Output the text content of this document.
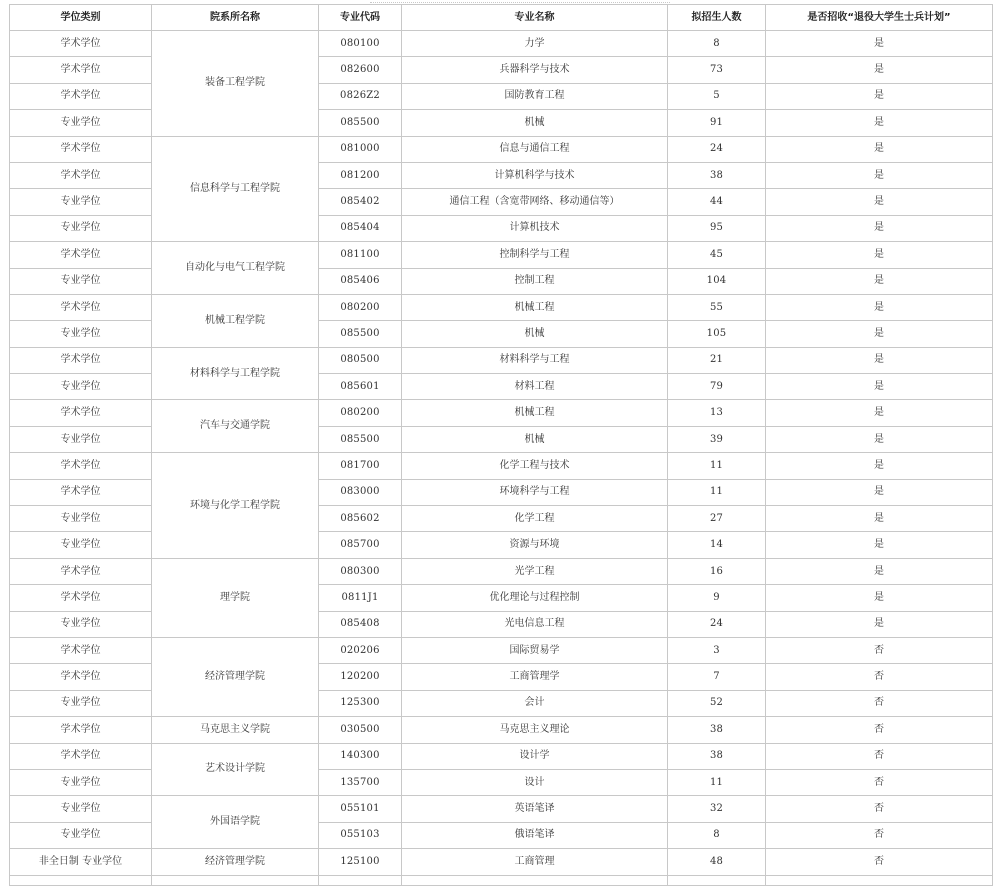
学位类别	院系所名称	专业代码	专业名称	拟招生人数	是否招收“退役大学生士兵计划”
学术学位	装备工程学院	080100	力学	8	是
学术学位		082600	兵器科学与技术	73	是
学术学位		0826Z2	国防教育工程	5	是
专业学位		085500	机械	91	是
学术学位	信息科学与工程学院	081000	信息与通信工程	24	是
学术学位		081200	计算机科学与技术	38	是
专业学位		085402	通信工程（含宽带网络、移动通信等）	44	是
专业学位		085404	计算机技术	95	是
学术学位	自动化与电气工程学院	081100	控制科学与工程	45	是
专业学位		085406	控制工程	104	是
学术学位	机械工程学院	080200	机械工程	55	是
专业学位		085500	机械	105	是
学术学位	材料科学与工程学院	080500	材料科学与工程	21	是
专业学位		085601	材料工程	79	是
学术学位	汽车与交通学院	080200	机械工程	13	是
专业学位		085500	机械	39	是
学术学位	环境与化学工程学院	081700	化学工程与技术	11	是
学术学位		083000	环境科学与工程	11	是
专业学位		085602	化学工程	27	是
专业学位		085700	资源与环境	14	是
学术学位	理学院	080300	光学工程	16	是
学术学位		0811J1	优化理论与过程控制	9	是
专业学位		085408	光电信息工程	24	是
学术学位	经济管理学院	020206	国际贸易学	3	否
学术学位		120200	工商管理学	7	否
专业学位		125300	会计	52	否
学术学位	马克思主义学院	030500	马克思主义理论	38	否
学术学位	艺术设计学院	140300	设计学	38	否
专业学位		135700	设计	11	否
专业学位	外国语学院	055101	英语笔译	32	否
专业学位		055103	俄语笔译	8	否
非全日制 专业学位	经济管理学院	125100	工商管理	48	否
